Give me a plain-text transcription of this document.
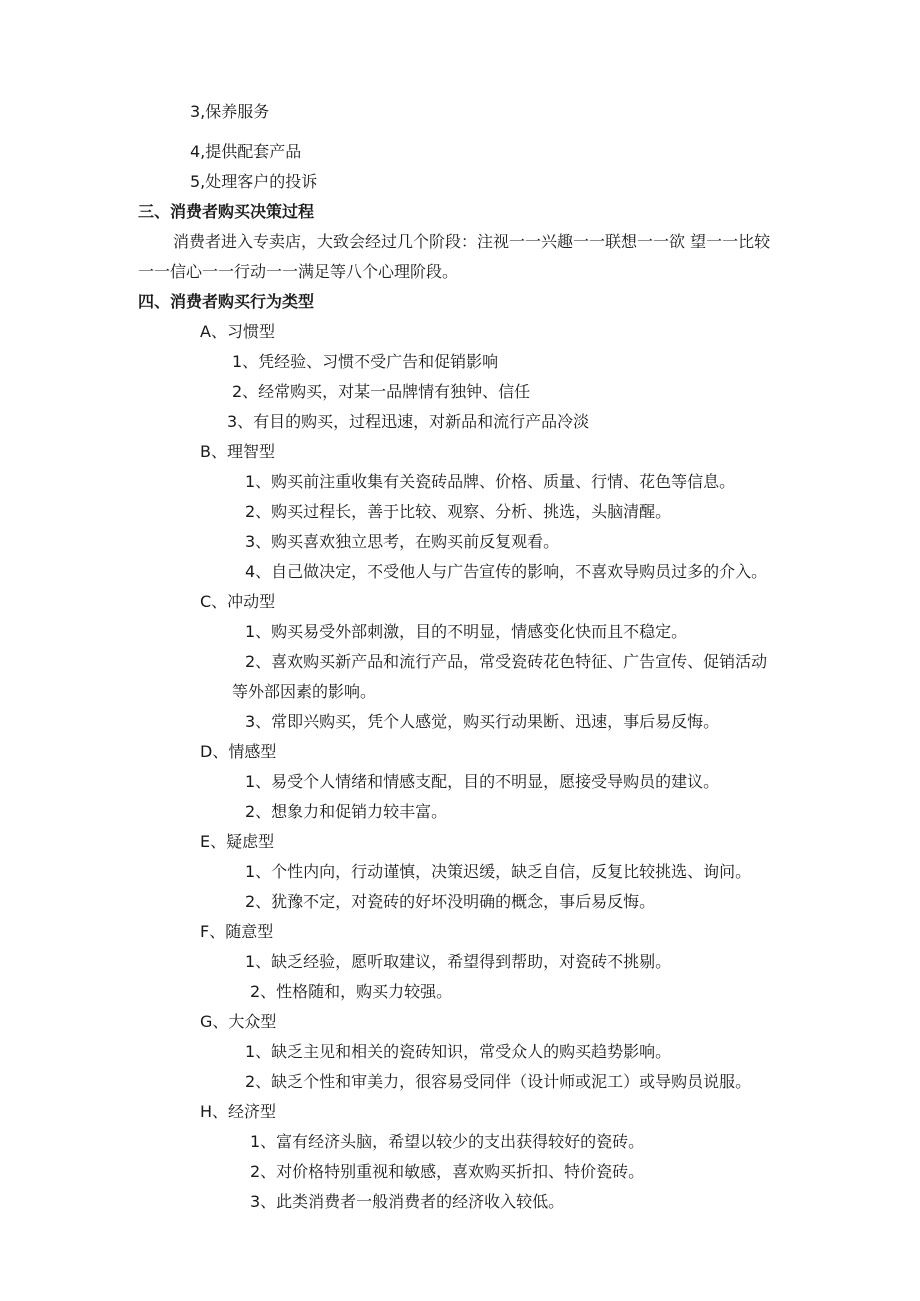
3,保养服务
4,提供配套产品
5,处理客户的投诉
三、消费者购买决策过程
消费者进入专卖店，大致会经过几个阶段：注视一一兴趣一一联想一一欲 望一一比较
一一信心一一行动一一满足等八个心理阶段。
四、消费者购买行为类型
A、习惯型
1、凭经验、习惯不受广告和促销影响
2、经常购买，对某一品牌情有独钟、信任
3、有目的购买，过程迅速，对新品和流行产品冷淡
B、理智型
1、购买前注重收集有关瓷砖品牌、价格、质量、行情、花色等信息。
2、购买过程长，善于比较、观察、分析、挑选，头脑清醒。
3、购买喜欢独立思考，在购买前反复观看。
4、自己做决定，不受他人与广告宣传的影响，不喜欢导购员过多的介入。
C、冲动型
1、购买易受外部刺激，目的不明显，情感变化快而且不稳定。
2、喜欢购买新产品和流行产品，常受瓷砖花色特征、广告宣传、促销活动
等外部因素的影响。
3、常即兴购买，凭个人感觉，购买行动果断、迅速，事后易反悔。
D、情感型
1、易受个人情绪和情感支配，目的不明显，愿接受导购员的建议。
2、想象力和促销力较丰富。
E、疑虑型
1、个性内向，行动谨慎，决策迟缓，缺乏自信，反复比较挑选、询问。
2、犹豫不定，对瓷砖的好坏没明确的概念，事后易反悔。
F、随意型
1、缺乏经验，愿听取建议，希望得到帮助，对瓷砖不挑剔。
2、性格随和，购买力较强。
G、大众型
1、缺乏主见和相关的瓷砖知识，常受众人的购买趋势影响。
2、缺乏个性和审美力，很容易受同伴（设计师或泥工）或导购员说服。
H、经济型
1、富有经济头脑，希望以较少的支出获得较好的瓷砖。
2、对价格特别重视和敏感，喜欢购买折扣、特价瓷砖。
3、此类消费者一般消费者的经济收入较低。
